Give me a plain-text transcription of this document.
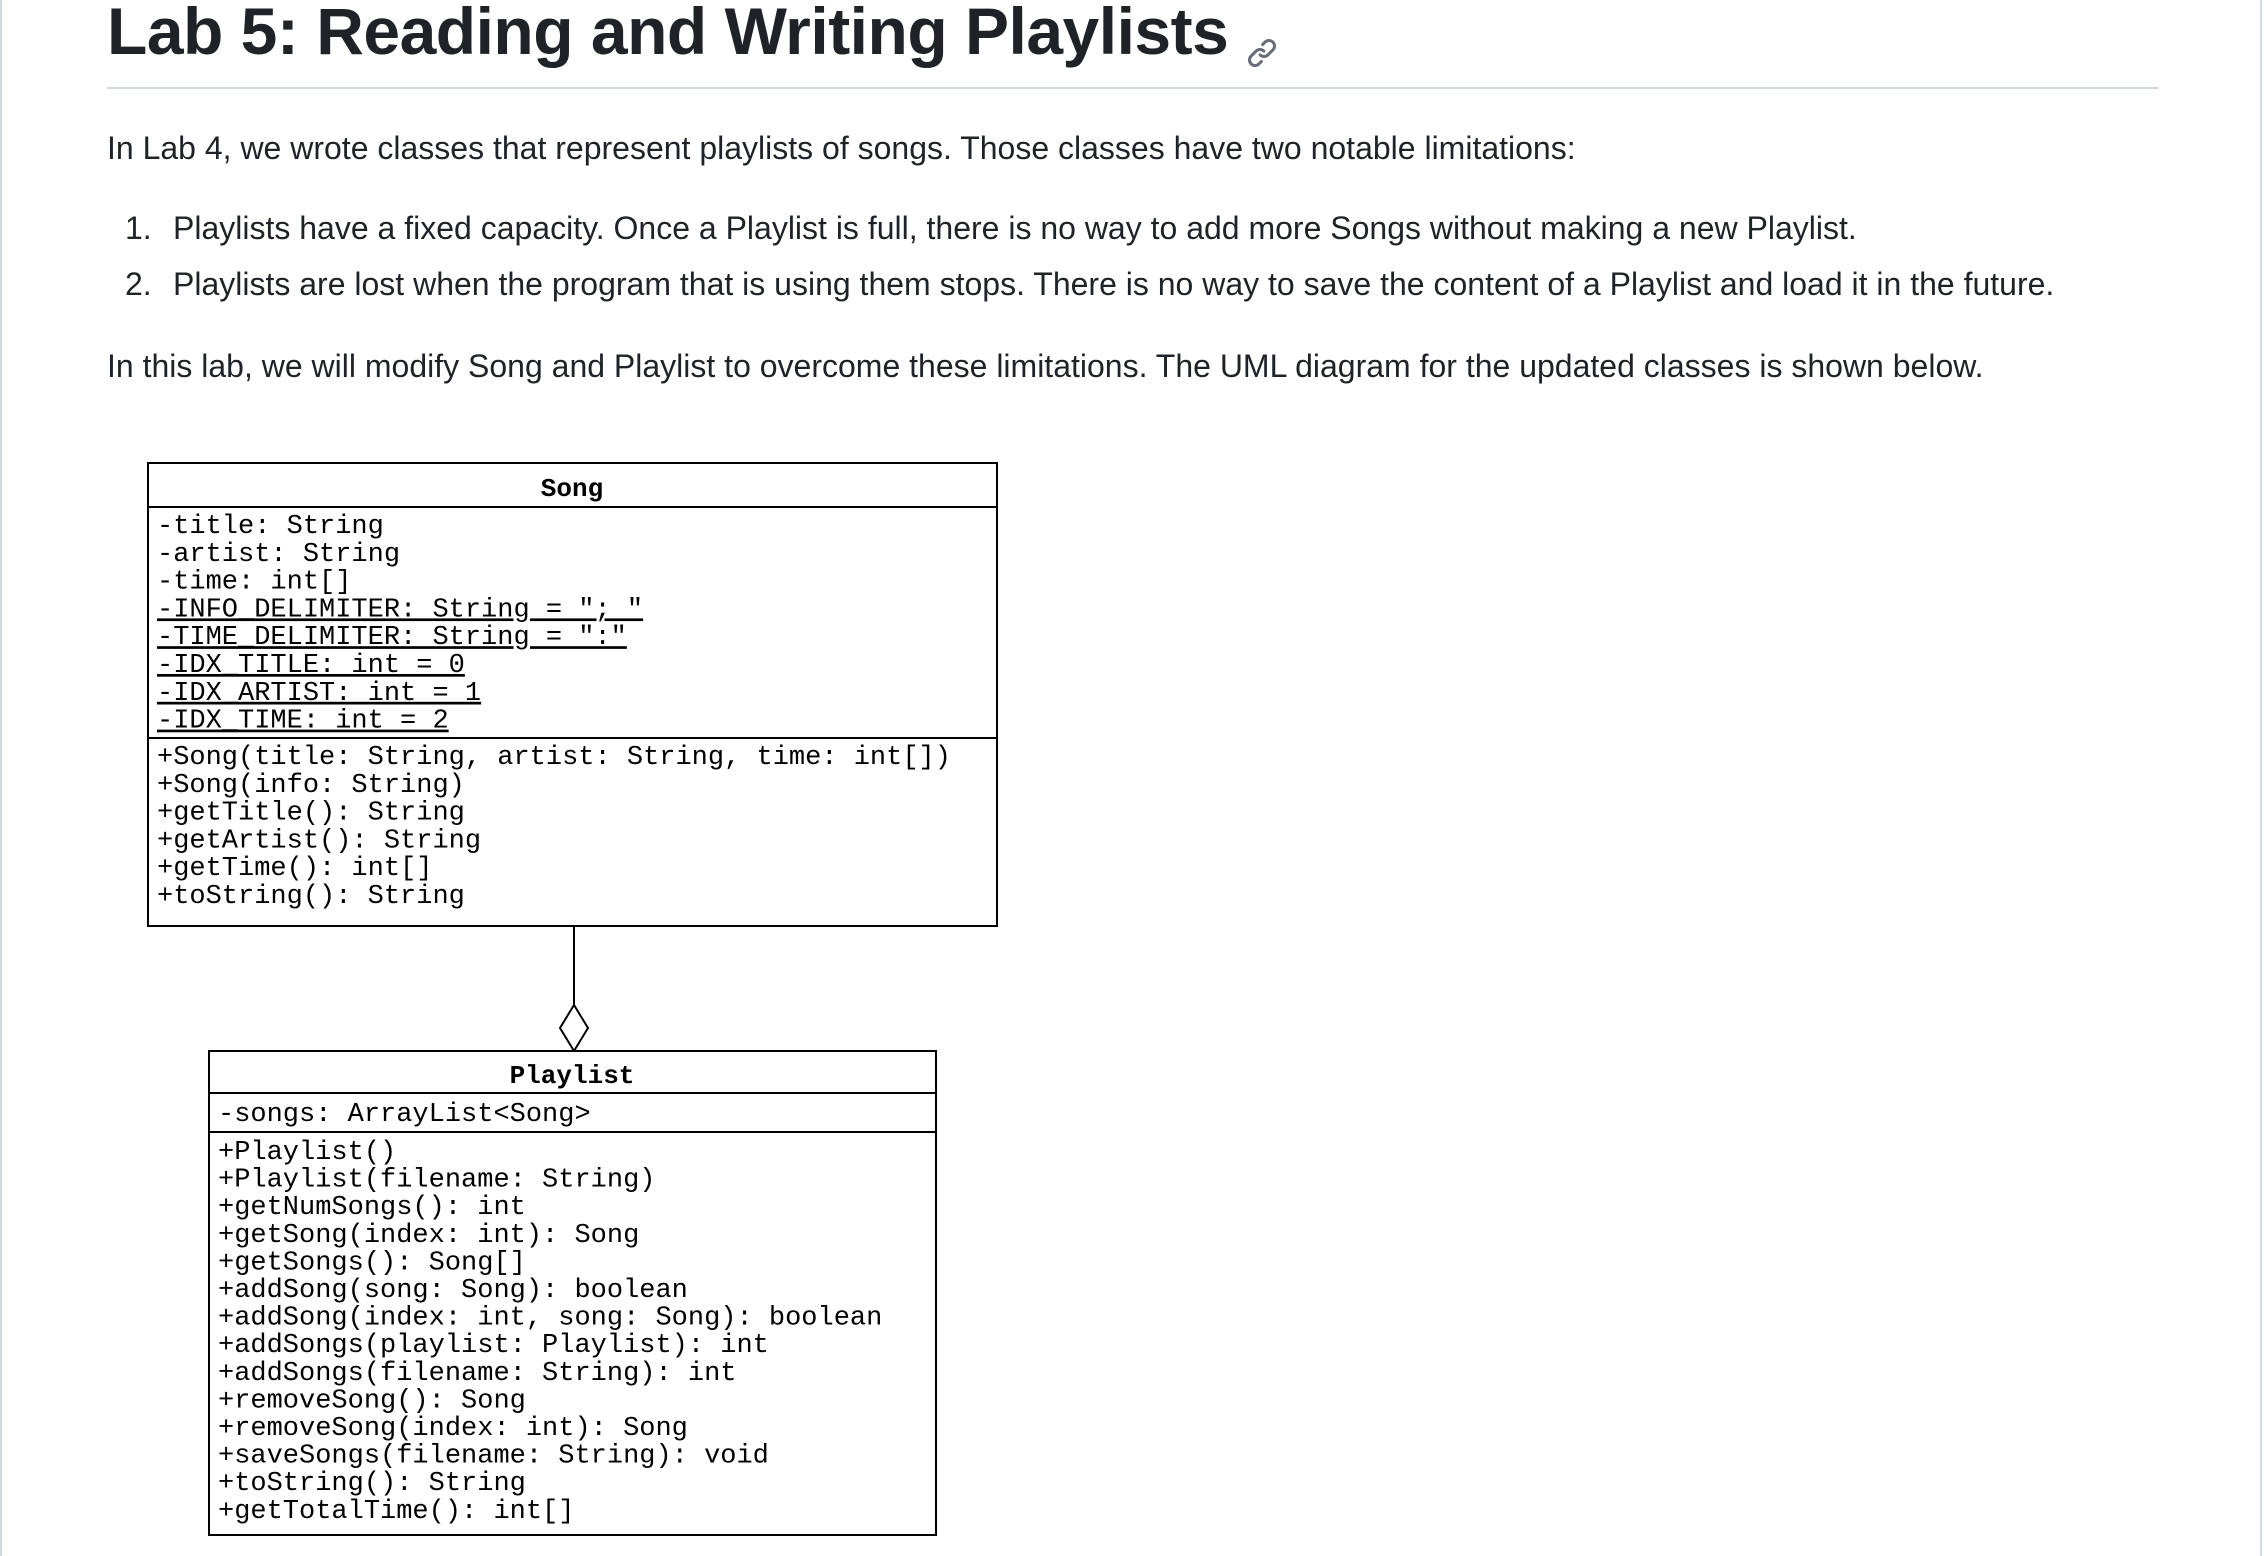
Lab 5: Reading and Writing Playlists
In Lab 4, we wrote classes that represent playlists of songs. Those classes have two notable limitations:
1. Playlists have a fixed capacity. Once a Playlist is full, there is no way to add more Songs without making a new Playlist.
2. Playlists are lost when the program that is using them stops. There is no way to save the content of a Playlist and load it in the future.
In this lab, we will modify Song and Playlist to overcome these limitations. The UML diagram for the updated classes is shown below.
Song
-title: String
-artist: String
-time: int[]
-INFO_DELIMITER: String = "; "
-TIME_DELIMITER: String = ":"
-IDX_TITLE: int = 0
-IDX_ARTIST: int = 1
-IDX_TIME: int = 2
+Song(title: String, artist: String, time: int[])
+Song(info: String)
+getTitle(): String
+getArtist(): String
+getTime(): int[]
+toString(): String
Playlist
-songs: ArrayList<Song>
+Playlist()
+Playlist(filename: String)
+getNumSongs(): int
+getSong(index: int): Song
+getSongs(): Song[]
+addSong(song: Song): boolean
+addSong(index: int, song: Song): boolean
+addSongs(playlist: Playlist): int
+addSongs(filename: String): int
+removeSong(): Song
+removeSong(index: int): Song
+saveSongs(filename: String): void
+toString(): String
+getTotalTime(): int[]
